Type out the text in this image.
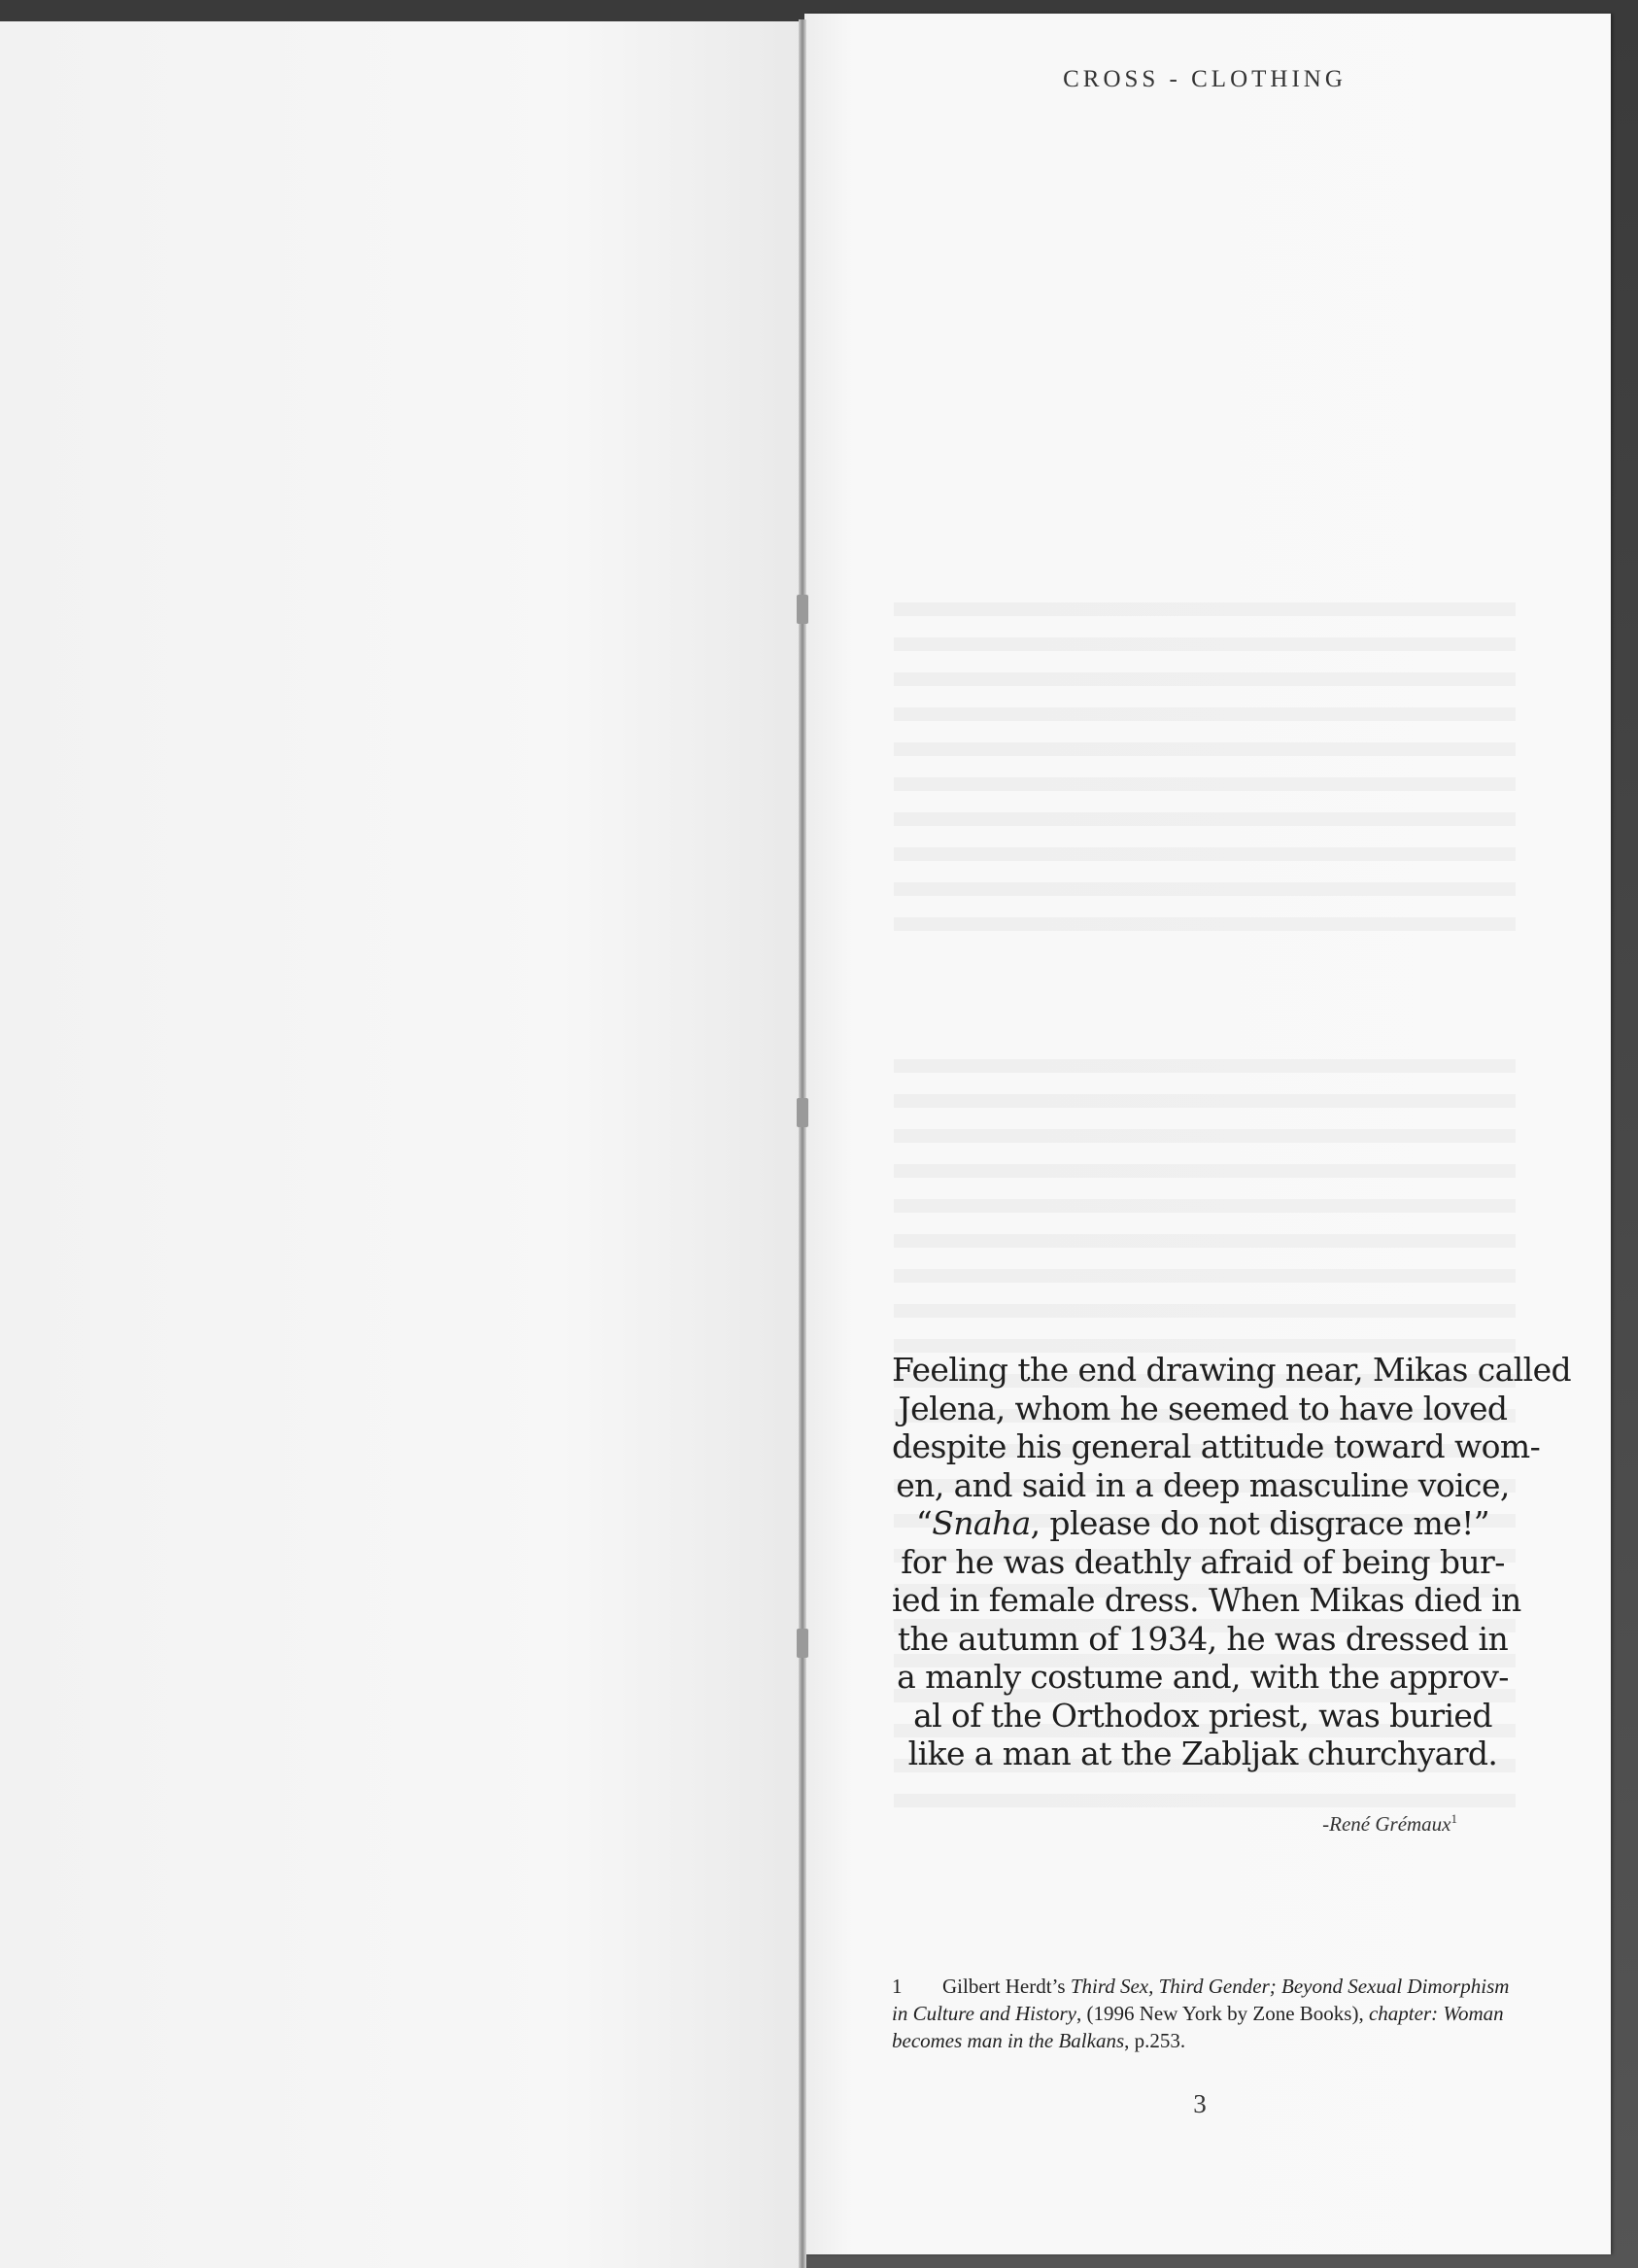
CROSS - CLOTHING
Feeling the end drawing near, Mikas called
Jelena, whom he seemed to have loved
despite his general attitude toward wom-
en, and said in a deep masculine voice,
“Snaha, please do not disgrace me!”
for he was deathly afraid of being bur-
ied in female dress. When Mikas died in
the autumn of 1934, he was dressed in
a manly costume and, with the approv-
al of the Orthodox priest, was buried
like a man at the Zabljak churchyard.
-René Grémaux$^1$
1 Gilbert Herdt’s Third Sex, Third Gender; Beyond Sexual Dimorphism in Culture and History, (1996 New York by Zone Books), chapter: Woman becomes man in the Balkans, p.253.
3
